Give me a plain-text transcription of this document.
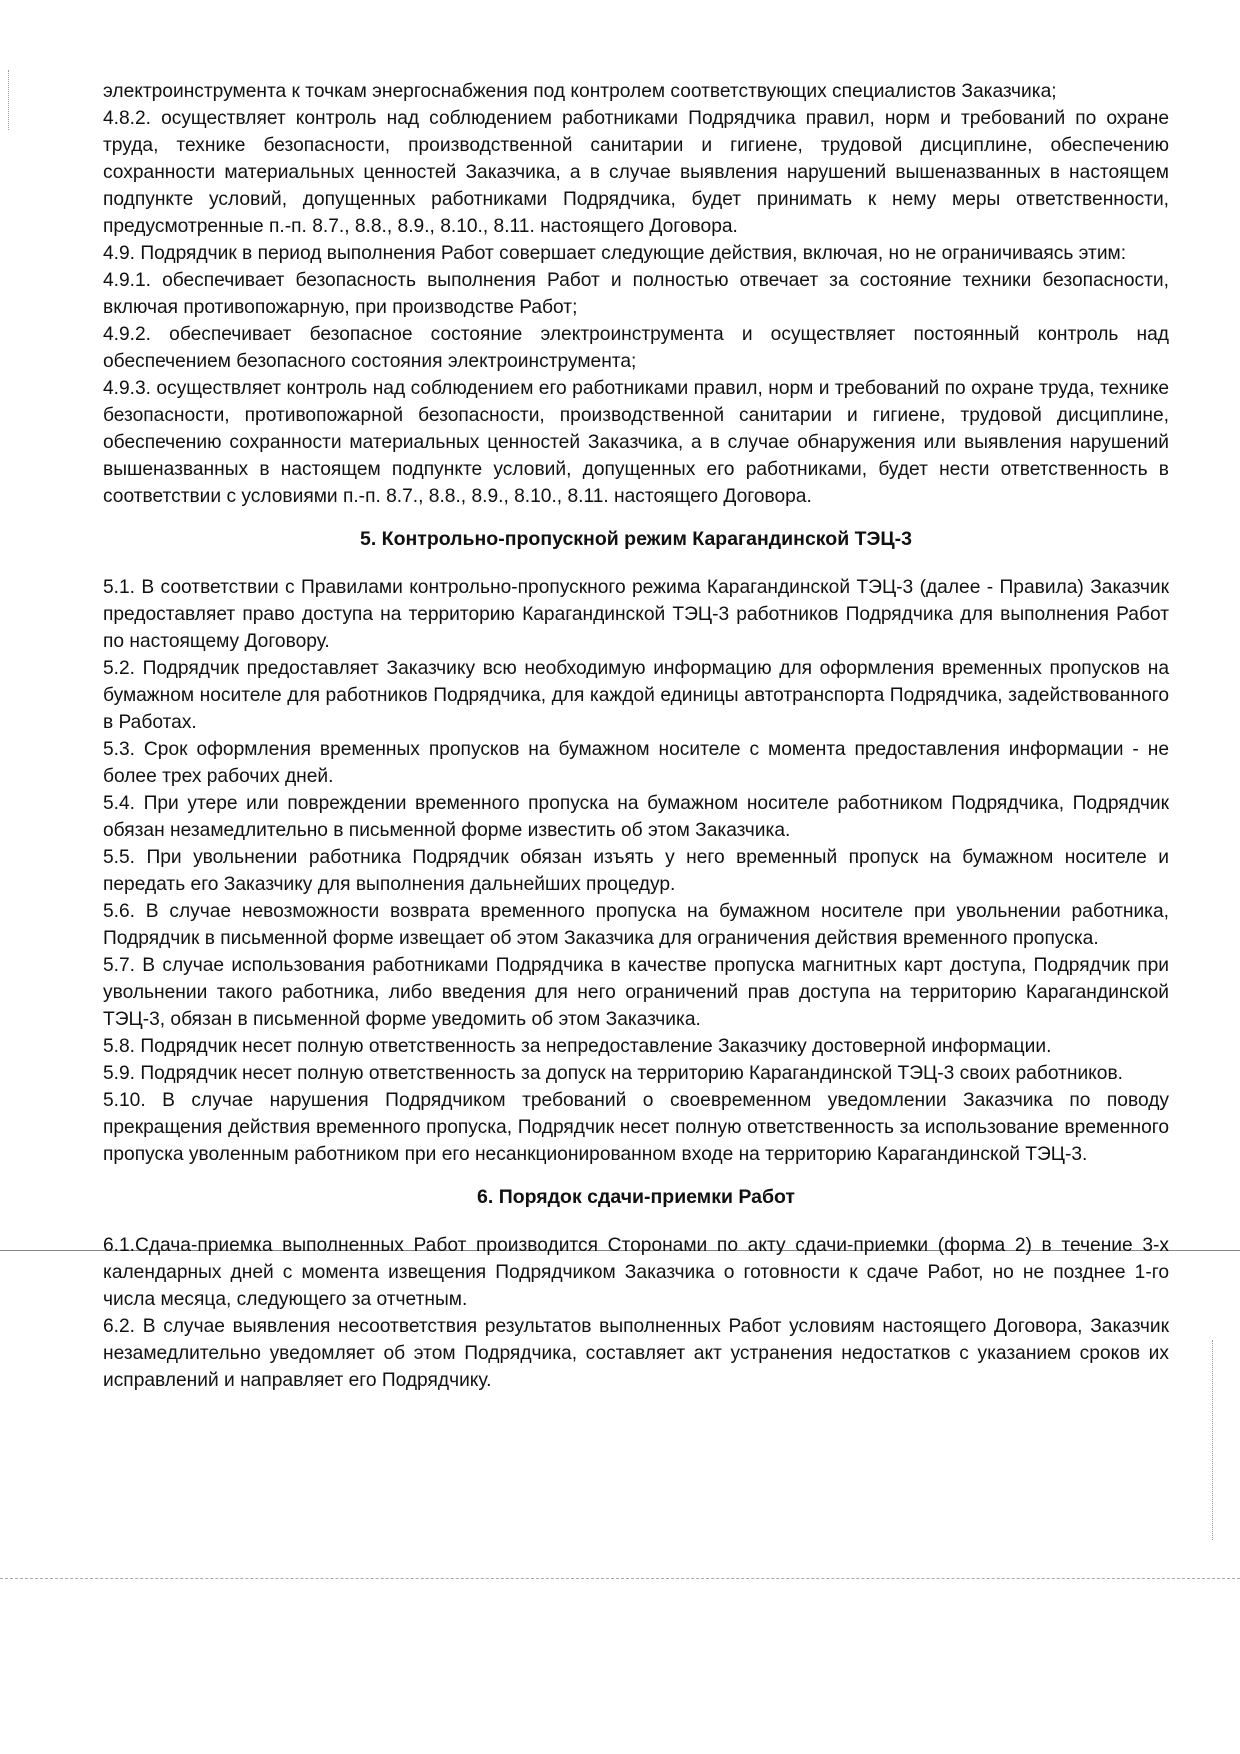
электроинструмента к точкам энергоснабжения под контролем соответствующих специалистов Заказчика;

4.8.2. осуществляет контроль над соблюдением работниками Подрядчика правил, норм и требований по охране труда, технике безопасности, производственной санитарии и гигиене, трудовой дисциплине, обеспечению сохранности материальных ценностей Заказчика, а в случае выявления нарушений вышеназванных в настоящем подпункте условий, допущенных работниками Подрядчика, будет принимать к нему меры ответственности, предусмотренные п.-п. 8.7., 8.8., 8.9., 8.10., 8.11. настоящего Договора.

4.9. Подрядчик в период выполнения Работ совершает следующие действия, включая, но не ограничиваясь этим:

4.9.1. обеспечивает безопасность выполнения Работ и полностью отвечает за состояние техники безопасности, включая противопожарную, при производстве Работ;

4.9.2. обеспечивает безопасное состояние электроинструмента и осуществляет постоянный контроль над обеспечением безопасного состояния электроинструмента;

4.9.3. осуществляет контроль над соблюдением его работниками правил, норм и требований по охране труда, технике безопасности, противопожарной безопасности, производственной санитарии и гигиене, трудовой дисциплине, обеспечению сохранности материальных ценностей Заказчика, а в случае обнаружения или выявления нарушений вышеназванных в настоящем подпункте условий, допущенных его работниками, будет нести ответственность в соответствии с условиями п.-п. 8.7., 8.8., 8.9., 8.10., 8.11. настоящего Договора.

5. Контрольно-пропускной режим Карагандинской ТЭЦ-3

5.1. В соответствии с Правилами контрольно-пропускного режима Карагандинской ТЭЦ-3 (далее - Правила) Заказчик предоставляет право доступа на территорию Карагандинской ТЭЦ-3 работников Подрядчика для выполнения Работ по настоящему Договору.

5.2. Подрядчик предоставляет Заказчику всю необходимую информацию для оформления временных пропусков на бумажном носителе для работников Подрядчика, для каждой единицы автотранспорта Подрядчика, задействованного в Работах.

5.3. Срок оформления временных пропусков на бумажном носителе с момента предоставления информации - не более трех рабочих дней.

5.4. При утере или повреждении временного пропуска на бумажном носителе работником Подрядчика, Подрядчик обязан незамедлительно в письменной форме известить об этом Заказчика.

5.5. При увольнении работника Подрядчик обязан изъять у него временный пропуск на бумажном носителе и передать его Заказчику для выполнения дальнейших процедур.

5.6. В случае невозможности возврата временного пропуска на бумажном носителе при увольнении работника, Подрядчик в письменной форме извещает об этом Заказчика для ограничения действия временного пропуска.

5.7. В случае использования работниками Подрядчика в качестве пропуска магнитных карт доступа, Подрядчик при увольнении такого работника, либо введения для него ограничений прав доступа на территорию Карагандинской ТЭЦ-3, обязан в письменной форме уведомить об этом Заказчика.

5.8. Подрядчик несет полную ответственность за непредоставление Заказчику достоверной информации.

5.9. Подрядчик несет полную ответственность за допуск на территорию Карагандинской ТЭЦ-3 своих работников.

5.10. В случае нарушения Подрядчиком требований о своевременном уведомлении Заказчика по поводу прекращения действия временного пропуска, Подрядчик несет полную ответственность за использование временного пропуска уволенным работником при его несанкционированном входе на территорию Карагандинской ТЭЦ-3.

6. Порядок сдачи-приемки Работ

6.1.Сдача-приемка выполненных Работ производится Сторонами по акту сдачи-приемки (форма 2) в течение 3-х календарных дней с момента извещения Подрядчиком Заказчика о готовности к сдаче Работ, но не позднее 1-го числа месяца, следующего за отчетным.

6.2. В случае выявления несоответствия результатов выполненных Работ условиям настоящего Договора, Заказчик незамедлительно уведомляет об этом Подрядчика, составляет акт устранения недостатков с указанием сроков их исправлений и направляет его Подрядчику.
